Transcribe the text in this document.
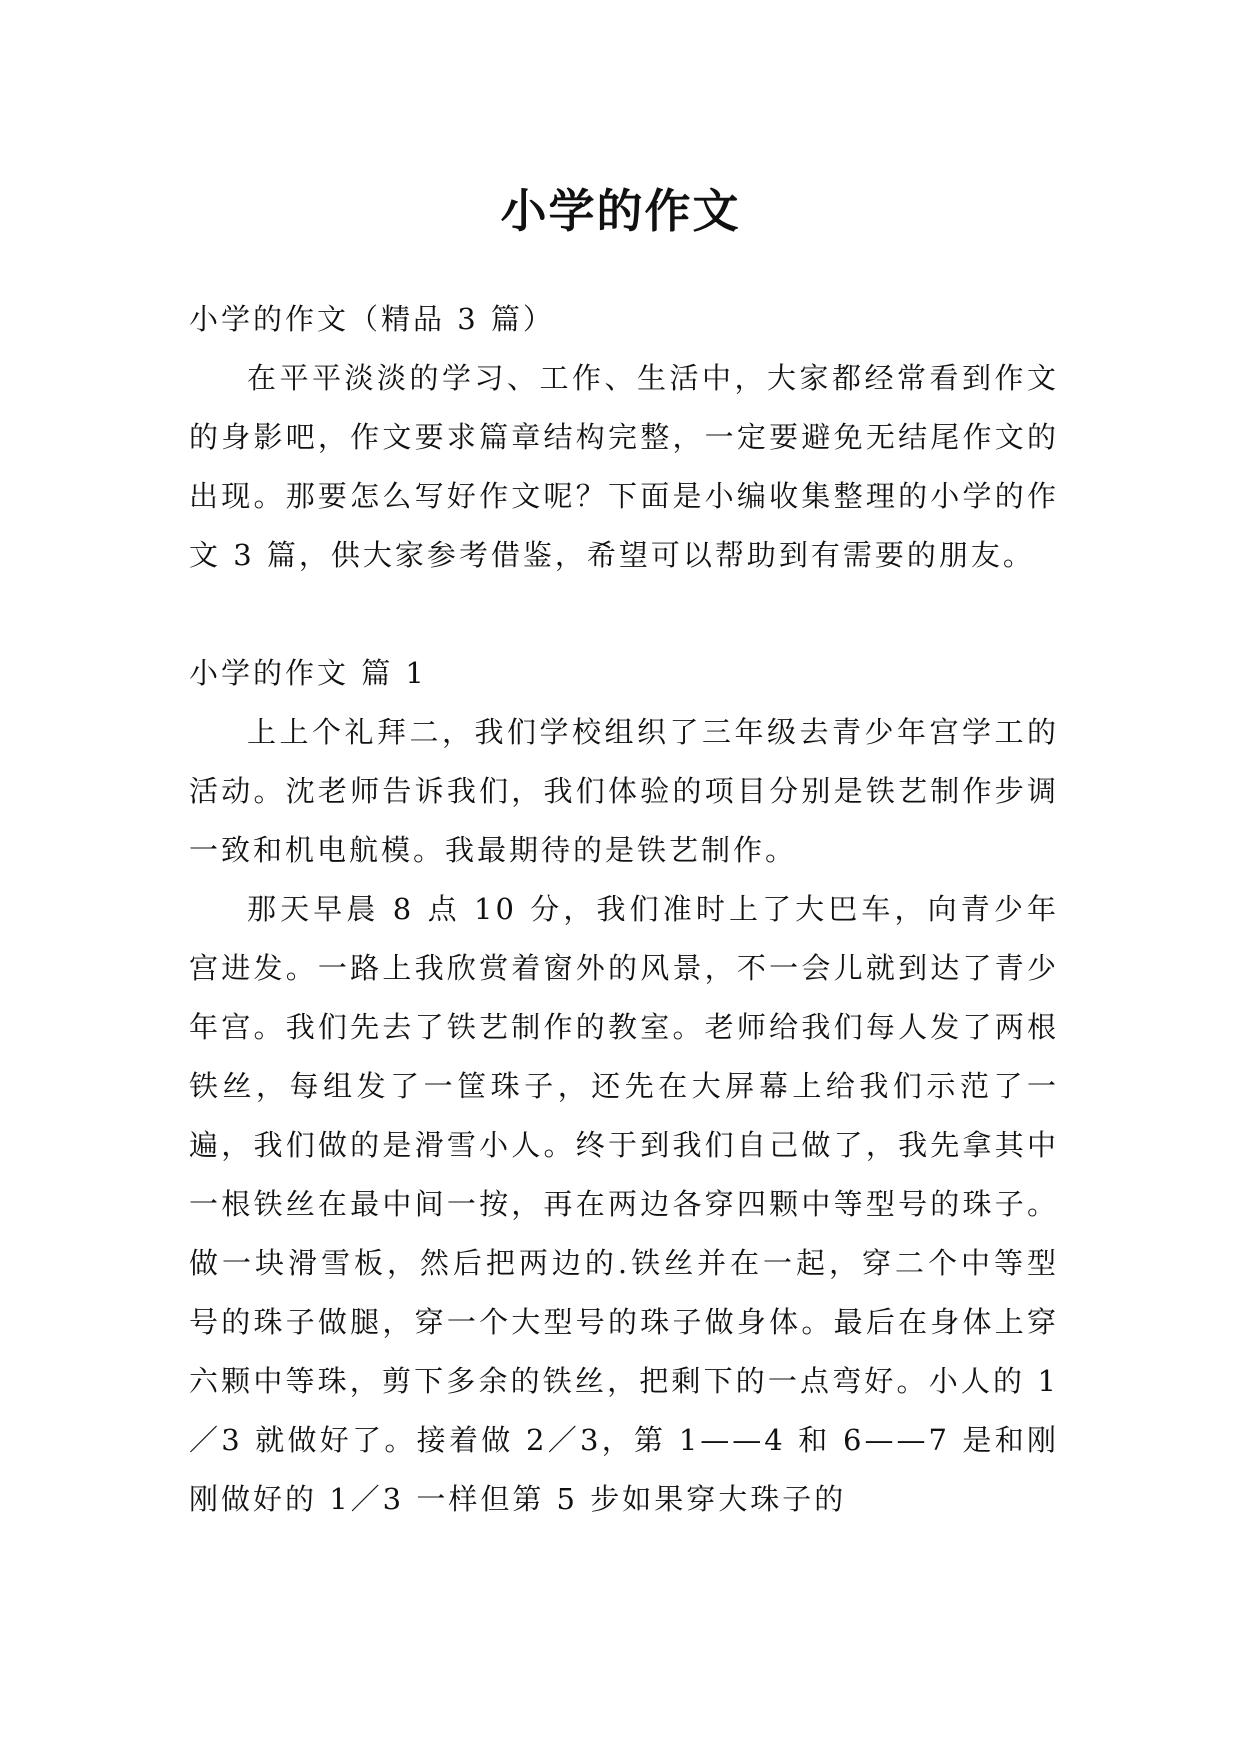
小学的作文

小学的作文（精品 3 篇）

在平平淡淡的学习、工作、生活中，大家都经常看到作文的身影吧，作文要求篇章结构完整，一定要避免无结尾作文的出现。那要怎么写好作文呢？下面是小编收集整理的小学的作文 3 篇，供大家参考借鉴，希望可以帮助到有需要的朋友。

小学的作文 篇 1

上上个礼拜二，我们学校组织了三年级去青少年宫学工的活动。沈老师告诉我们，我们体验的项目分别是铁艺制作步调一致和机电航模。我最期待的是铁艺制作。

那天早晨 8 点 10 分，我们准时上了大巴车，向青少年宫进发。一路上我欣赏着窗外的风景，不一会儿就到达了青少年宫。我们先去了铁艺制作的教室。老师给我们每人发了两根铁丝，每组发了一筐珠子，还先在大屏幕上给我们示范了一遍，我们做的是滑雪小人。终于到我们自己做了，我先拿其中一根铁丝在最中间一按，再在两边各穿四颗中等型号的珠子。做一块滑雪板，然后把两边的.铁丝并在一起，穿二个中等型号的珠子做腿，穿一个大型号的珠子做身体。最后在身体上穿六颗中等珠，剪下多余的铁丝，把剩下的一点弯好。小人的 1／3 就做好了。接着做 2／3，第 1——4 和 6——7 是和刚刚做好的 1／3 一样但第 5 步如果穿大珠子的
